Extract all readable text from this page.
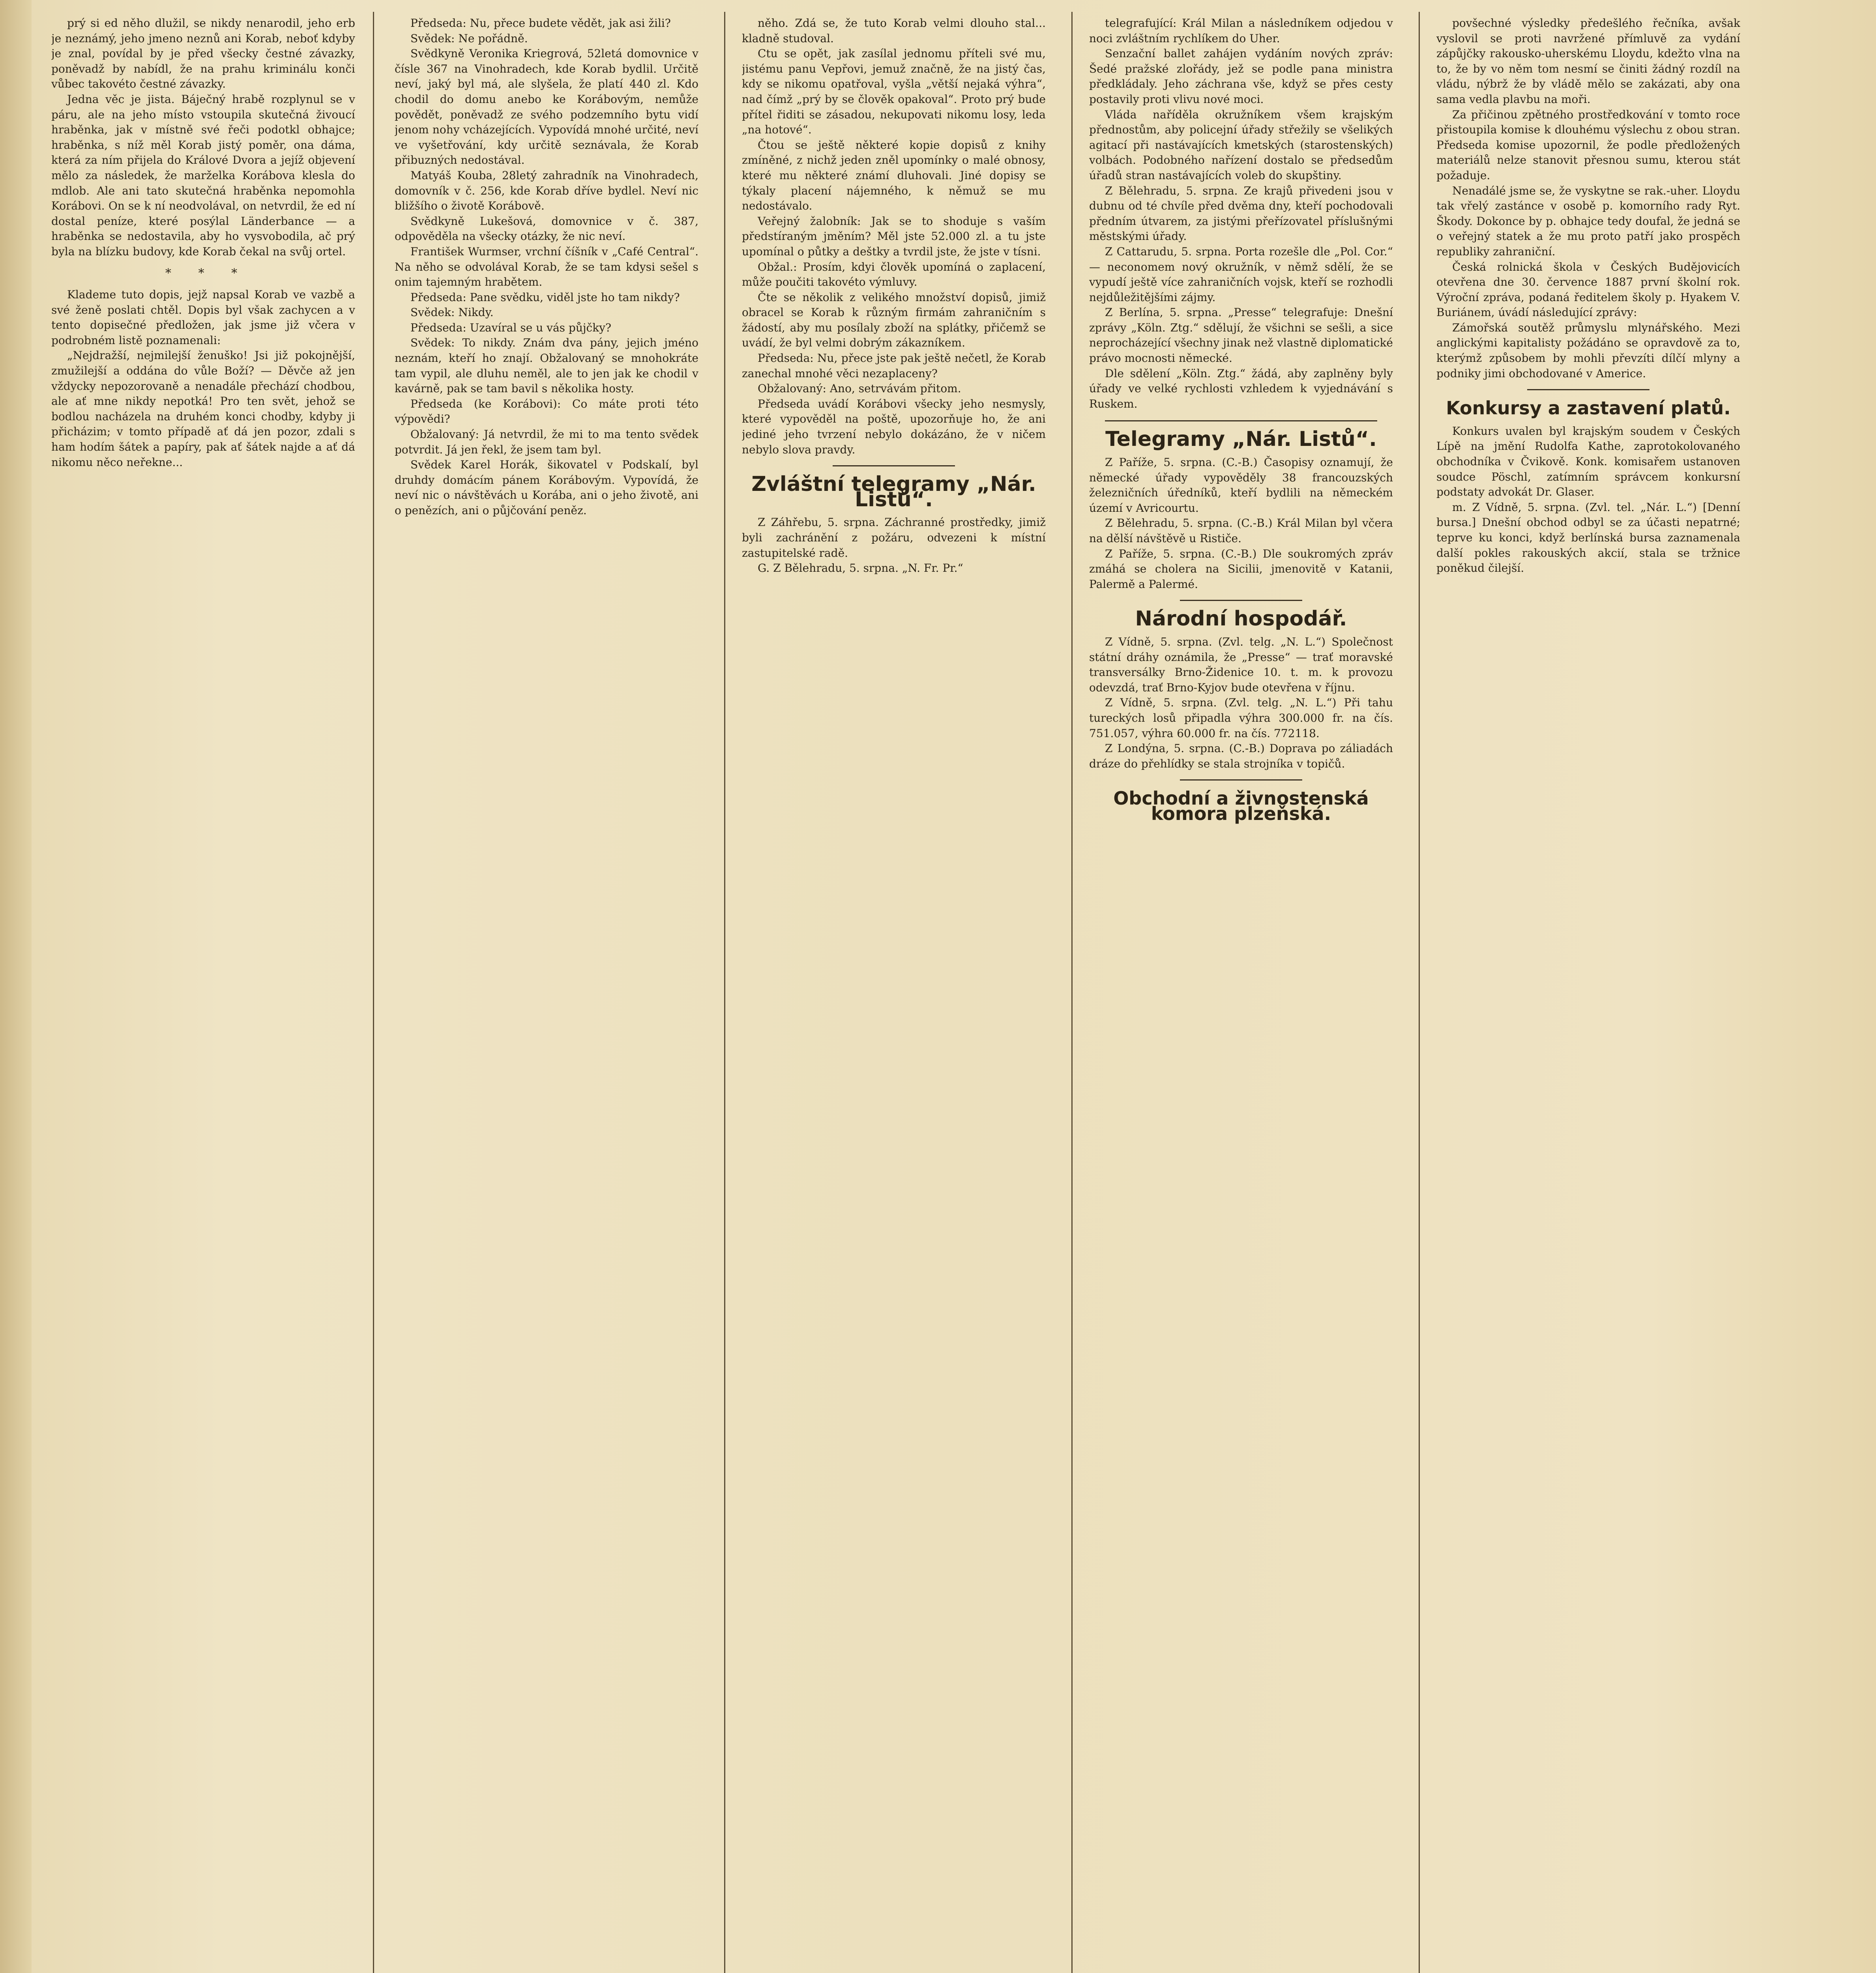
prý si ed něho dlužil, se nikdy nenarodil, jeho erb je neznámý, jeho jmeno neznů ani Korab, neboť kdyby je znal, povídal by je před všecky čestné závazky, poněvadž by nabídl, že na prahu kriminálu konči vůbec takovéto čestné závazky.

Jedna věc je jista. Báječný hrabě rozplynul se v páru, ale na jeho místo vstoupila skutečná živoucí hraběnka, jak v místně své řeči podotkl obhajce; hraběnka, s níž měl Korab jistý poměr, ona dáma, která za ním přijela do Králové Dvora a jejíž objevení mělo za následek, že marželka Korábova klesla do mdlob. Ale ani tato skutečná hraběnka nepomohla Korábovi. On se k ní neodvolával, on netvrdil, že ed ní dostal peníze, které posýlal Länderbance — a hraběnka se nedostavila, aby ho vysvobodila, ač prý byla na blízku budovy, kde Korab čekal na svůj ortel.

*   *   *

Klademe tuto dopis, jejž napsal Korab ve vazbě a své ženě poslati chtěl. Dopis byl však zachycen a v tento dopisečné předložen, jak jsme již včera v podrobném listě poznamenali:

„Nejdražší, nejmilejší ženuško! Jsi již pokojnější, zmužilejší a oddána do vůle Boží? — Děvče až jen vždycky nepozorovaně a nenadále přechází chodbou, ale ať mne nikdy nepotká! Pro ten svět, jehož se bodlou nacházela na druhém konci chodby, kdyby ji přicházim; v tomto případě ať dá jen pozor, zdali s ham hodím šátek a papíry, pak ať šátek najde a ať dá nikomu něco neřekne...

Předseda: Nu, přece budete vědět, jak asi žili?

Svědek: Ne pořádně.

Svědkyně Veronika Kriegrová, 52letá domovnice v čísle 367 na Vinohradech, kde Korab bydlil. Určitě neví, jaký byl má, ale slyšela, že platí 440 zl. Kdo chodil do domu anebo ke Korábovým, nemůže povědět, poněvadž ze svého podzemního bytu vidí jenom nohy vcházejících. Vypovídá mnohé určité, neví ve vyšetřování, kdy určitě seznávala, že Korab přibuzných nedostával.

Matyáš Kouba, 28letý zahradník na Vinohradech, domovník v č. 256, kde Korab dříve bydlel. Neví nic bližšího o životě Korábově.

Svědkyně Lukešová, domovnice v č. 387, odpověděla na všecky otázky, že nic neví.

František Wurmser, vrchní číšník v „Café Central“. Na něho se odvolával Korab, že se tam kdysi sešel s onim tajemným hrabětem.

Předseda: Pane svědku, viděl jste ho tam nikdy?

Svědek: Nikdy.

Předseda: Uzavíral se u vás půjčky?

Svědek: To nikdy. Znám dva pány, jejich jméno neznám, kteří ho znají. Obžalovaný se mnohokráte tam vypil, ale dluhu neměl, ale to jen jak ke chodil v kavárně, pak se tam bavil s několika hosty.

Předseda (ke Korábovi): Co máte proti této výpovědi?

Obžalovaný: Já netvrdil, že mi to ma tento svědek potvrdit. Já jen řekl, že jsem tam byl.

Svědek Karel Horák, šikovatel v Podskalí, byl druhdy domácím pánem Korábovým. Vypovídá, že neví nic o návštěvách u Korába, ani o jeho životě, ani o penězích, ani o půjčování peněz.

něho. Zdá se, že tuto Korab velmi dlouho stal... kladně studoval.

Ctu se opět, jak zasílal jednomu příteli své mu, jistému panu Vepřovi, jemuž značně, že na jistý čas, kdy se nikomu opatřoval, vyšla „větší nejaká výhra“, nad čímž „prý by se člověk opakoval“. Proto prý bude přítel řiditi se zásadou, nekupovati nikomu losy, leda „na hotové“.

Čtou se ještě některé kopie dopisů z knihy zmíněné, z nichž jeden zněl upomínky o malé obnosy, které mu některé známí dluhovali. Jiné dopisy se týkaly placení nájemného, k němuž se mu nedostávalo.

Veřejný žalobník: Jak se to shoduje s vaším předstíraným jměním? Měl jste 52.000 zl. a tu jste upomínal o půtky a deštky a tvrdil jste, že jste v tísni.

Obžal.: Prosím, kdyi člověk upomíná o zaplacení, může poučiti takovéto výmluvy.

Čte se několik z velikého množství dopisů, jimiž obracel se Korab k různým firmám zahraničním s žádostí, aby mu posílaly zboží na splátky, přičemž se uvádí, že byl velmi dobrým zákazníkem.

Předseda: Nu, přece jste pak ještě nečetl, že Korab zanechal mnohé věci nezaplaceny?

Obžalovaný: Ano, setrvávám přitom.

Předseda uvádí Korábovi všecky jeho nesmysly, které vypověděl na poště, upozorňuje ho, že ani jediné jeho tvrzení nebylo dokázáno, že v ničem nebylo slova pravdy.

Zvláštní telegramy „Nár. Listů“.

Z Záhřebu, 5. srpna. Záchranné prostředky, jimiž byli zachránění z požáru, odvezeni k místní zastupitelské radě.

G. Z Bělehradu, 5. srpna. „N. Fr. Pr.“

telegrafující: Král Milan a následníkem odjedou v noci zvláštním rychlíkem do Uher.

Senzační ballet zahájen vydáním nových zpráv: Šedé pražské zlořády, jež se podle pana ministra předkládaly. Jeho záchrana vše, když se přes cesty postavily proti vlivu nové moci.

Vláda naříděla okružníkem všem krajským přednostům, aby policejní úřady střežily se všelikých agitací při nastávajících kmetských (starostenských) volbách. Podobného nařízení dostalo se předsedům úřadů stran nastávajících voleb do skupštiny.

Z Bělehradu, 5. srpna. Ze krajů přivedeni jsou v dubnu od té chvíle před dvěma dny, kteří pochodovali předním útvarem, za jistými přeřízovatel příslušnými městskými úřady.

Z Cattarudu, 5. srpna. Porta rozešle dle „Pol. Cor.“ — neconomem nový okružník, v němž sdělí, že se vypudí ještě více zahraničních vojsk, kteří se rozhodli nejdůležitějšími zájmy.

Z Berlína, 5. srpna. „Presse“ telegrafuje: Dnešní zprávy „Köln. Ztg.“ sdělují, že všichni se sešli, a sice neprocházející všechny jinak než vlastně diplomatické právo mocnosti německé.

Dle sdělení „Köln. Ztg.“ žádá, aby zaplněny byly úřady ve velké rychlosti vzhledem k vyjednávání s Ruskem.

Telegramy „Nár. Listů“.

Z Paříže, 5. srpna. (C.-B.) Časopisy oznamují, že německé úřady vypověděly 38 francouzských železničních úředníků, kteří bydlili na německém území v Avricourtu.

Z Bělehradu, 5. srpna. (C.-B.) Král Milan byl včera na dělší návštěvě u Rističe.

Z Paříže, 5. srpna. (C.-B.) Dle soukromých zpráv zmáhá se cholera na Sicilii, jmenovitě v Katanii, Palermě a Palermé.

Národní hospodář.

Z Vídně, 5. srpna. (Zvl. telg. „N. L.“) Společnost státní dráhy oznámila, že „Presse“ — trať moravské transversálky Brno-Židenice 10. t. m. k provozu odevzdá, trať Brno-Kyjov bude otevřena v říjnu.

Z Vídně, 5. srpna. (Zvl. telg. „N. L.“) Při tahu tureckých losů připadla výhra 300.000 fr. na čís. 751.057, výhra 60.000 fr. na čís. 772118.

Z Londýna, 5. srpna. (C.-B.) Doprava po záliadách dráze do přehlídky se stala strojníka v topičů.

Obchodní a živnostenská komora plzeňská.

povšechné výsledky předešlého řečníka, avšak vyslovil se proti navržené přímluvě za vydání zápůjčky rakousko-uherskému Lloydu, kdežto vlna na to, že by vo něm tom nesmí se činiti žádný rozdíl na vládu, nýbrž že by vládě mělo se zakázati, aby ona sama vedla plavbu na moři.

Za přičinou zpětného prostředkování v tomto roce přistoupila komise k dlouhému výslechu z obou stran. Předseda komise upozornil, že podle předložených materiálů nelze stanovit přesnou sumu, kterou stát požaduje.

Nenadálé jsme se, že vyskytne se rak.-uher. Lloydu tak vřelý zastánce v osobě p. komorního rady Ryt. Škody. Dokonce by p. obhajce tedy doufal, že jedná se o veřejný statek a že mu proto patří jako prospěch republiky zahraniční.

Česká rolnická škola v Českých Budějovicích otevřena dne 30. července 1887 první školní rok. Výroční zpráva, podaná ředitelem školy p. Hyakem V. Buriánem, úvádí následující zprávy:

Zámořská soutěž průmyslu mlynářského. Mezi anglickými kapitalisty požádáno se opravdově za to, kterýmž způsobem by mohli převzíti dílčí mlyny a podniky jimi obchodované v Americe.

Konkursy a zastavení platů.

Konkurs uvalen byl krajským soudem v Českých Lípě na jmění Rudolfa Kathe, zaprotokolovaného obchodníka v Čvikově. Konk. komisařem ustanoven soudce Pöschl, zatímním správcem konkursní podstaty advokát Dr. Glaser.

m. Z Vídně, 5. srpna. (Zvl. tel. „Nár. L.“) [Denní bursa.] Dnešní obchod odbyl se za účasti nepatrné; teprve ku konci, když berlínská bursa zaznamenala další pokles rakouských akcií, stala se tržnice poněkud čilejší.
